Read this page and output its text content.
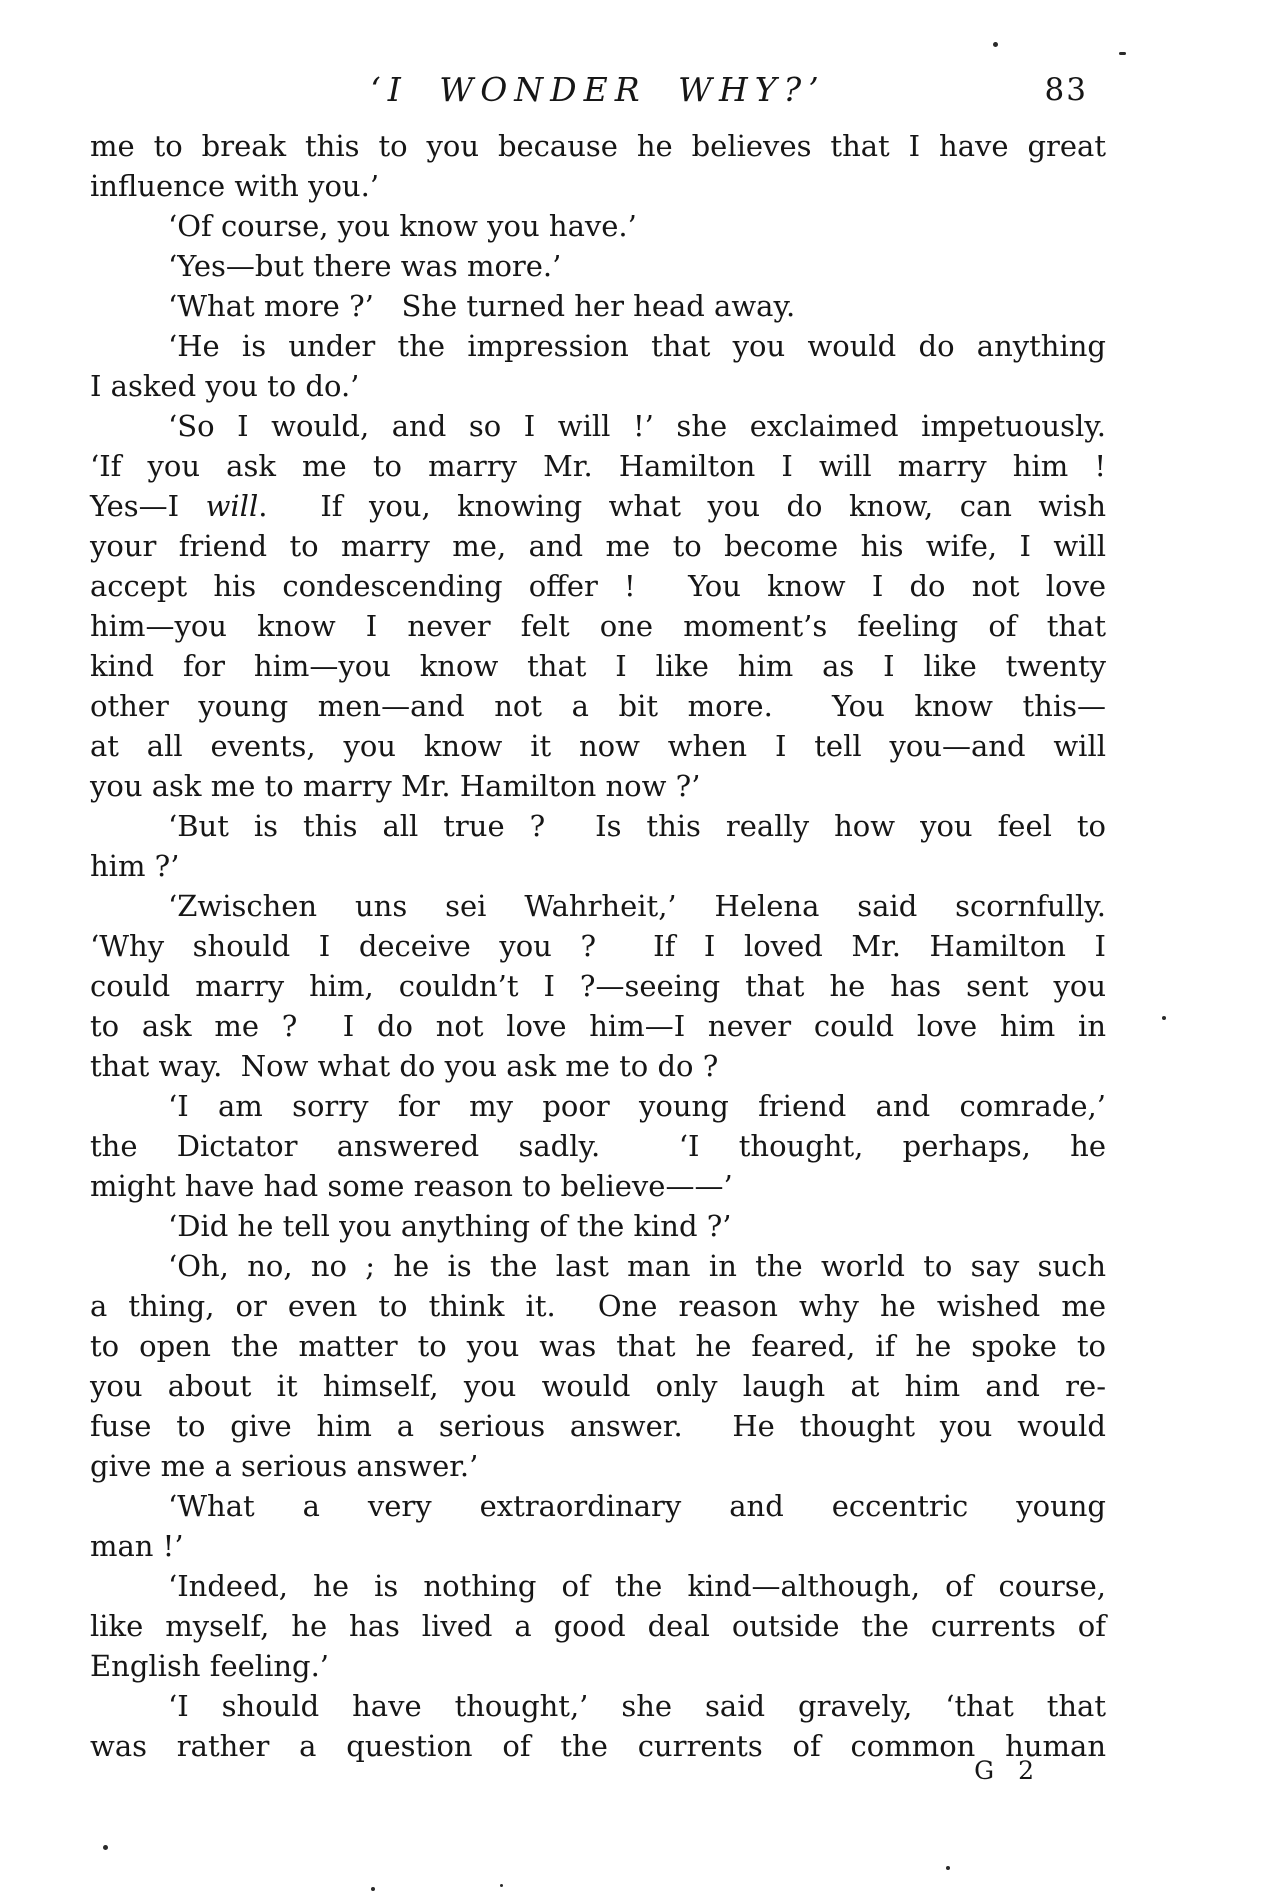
‘I WONDER WHY?’	83
me to break this to you because he believes that I have great
influence with you.’
‘Of course, you know you have.’
‘Yes—but there was more.’
‘What more ?’   She turned her head away.
‘He is under the impression that you would do anything
I asked you to do.’
‘So I would, and so I will !’ she exclaimed impetuously.
‘If you ask me to marry Mr. Hamilton I will marry him !
Yes—I will.  If you, knowing what you do know, can wish
your friend to marry me, and me to become his wife, I will
accept his condescending offer !  You know I do not love
him—you know I never felt one moment’s feeling of that
kind for him—you know that I like him as I like twenty
other young men—and not a bit more.  You know this—
at all events, you know it now when I tell you—and will
you ask me to marry Mr. Hamilton now ?’
‘But is this all true ?  Is this really how you feel to
him ?’
‘Zwischen uns sei Wahrheit,’ Helena said scornfully.
‘Why should I deceive you ?  If I loved Mr. Hamilton I
could marry him, couldn’t I ?—seeing that he has sent you
to ask me ?  I do not love him—I never could love him in
that way.  Now what do you ask me to do ?
‘I am sorry for my poor young friend and comrade,’
the Dictator answered sadly.  ‘I thought, perhaps, he
might have had some reason to believe——’
‘Did he tell you anything of the kind ?’
‘Oh, no, no ; he is the last man in the world to say such
a thing, or even to think it.  One reason why he wished me
to open the matter to you was that he feared, if he spoke to
you about it himself, you would only laugh at him and re-
fuse to give him a serious answer.  He thought you would
give me a serious answer.’
‘What a very extraordinary and eccentric young
man !’
‘Indeed, he is nothing of the kind—although, of course,
like myself, he has lived a good deal outside the currents of
English feeling.’
‘I should have thought,’ she said gravely, ‘that that
was rather a question of the currents of common human
G 2
